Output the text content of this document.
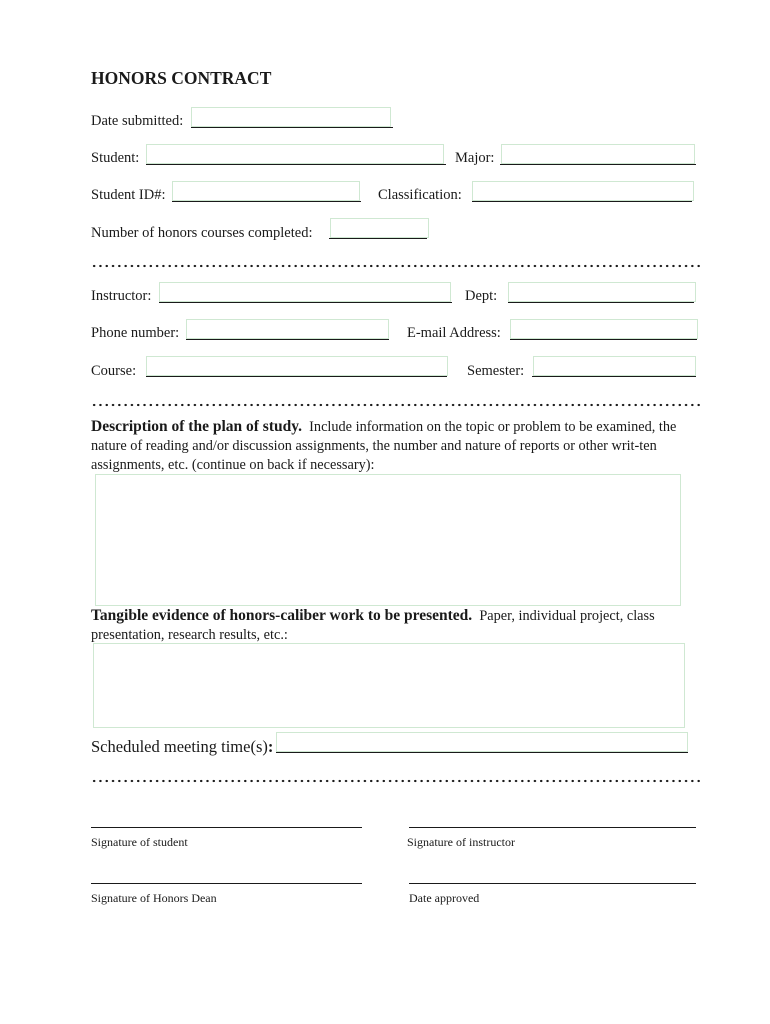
HONORS CONTRACT
Date submitted:
Student:	Major:
Student ID#:	Classification:
Number of honors courses completed:
Instructor:	Dept:
Phone number:	E-mail Address:
Course:	Semester:
Description of the plan of study. Include information on the topic or problem to be examined, the nature of reading and/or discussion assignments, the number and nature of reports or other writ-ten assignments, etc. (continue on back if necessary):
Tangible evidence of honors-caliber work to be presented. Paper, individual project, class presentation, research results, etc.:
Scheduled meeting time(s):
Signature of student	Signature of instructor
Signature of Honors Dean	Date approved
